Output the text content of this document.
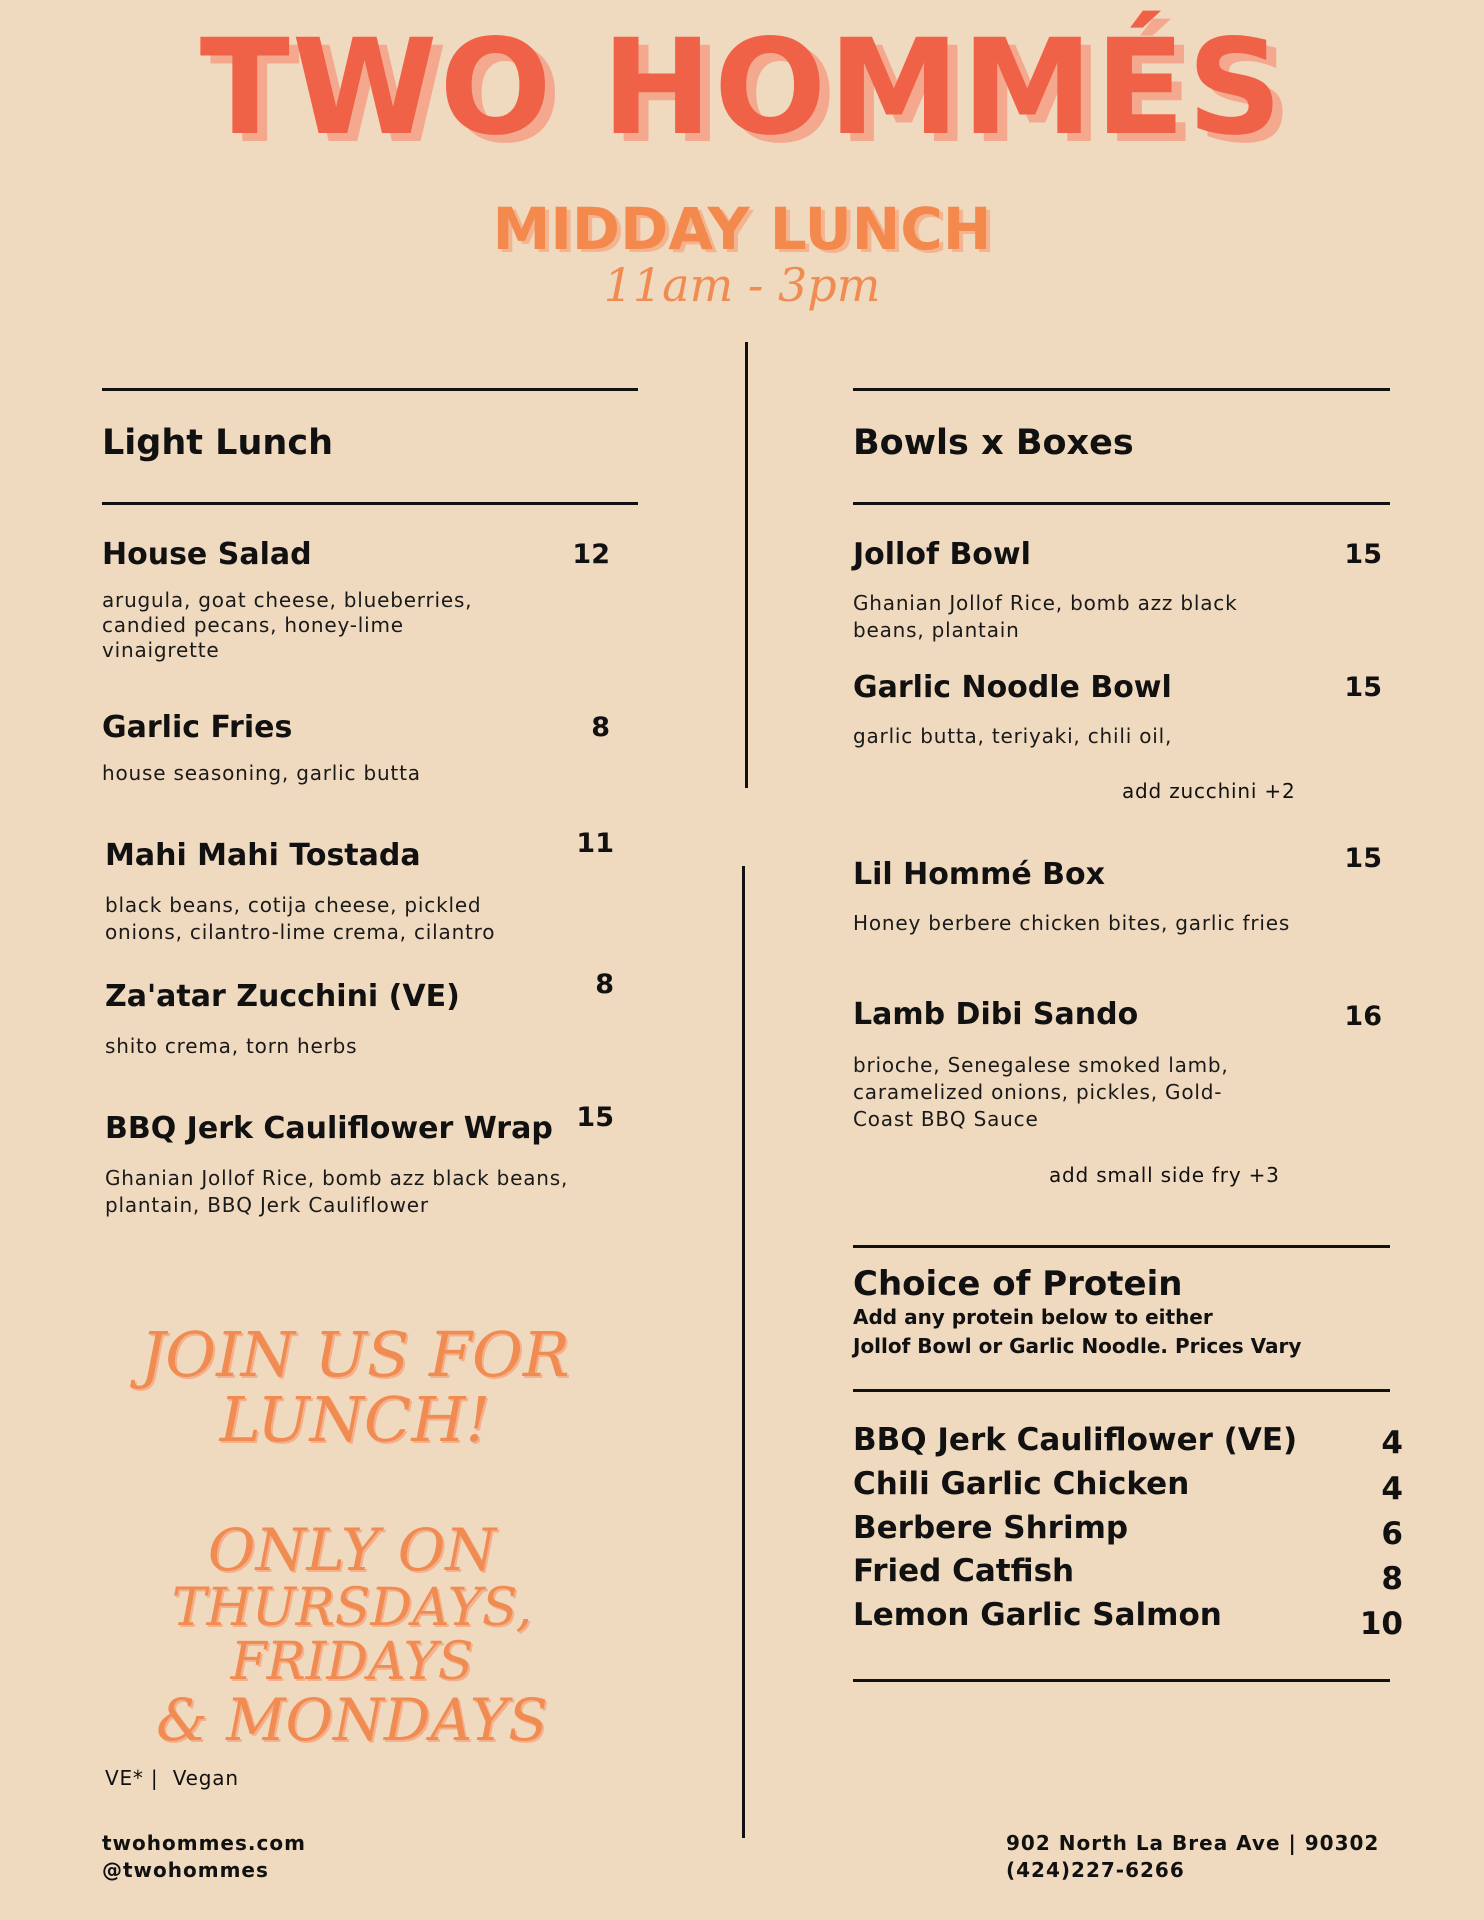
TWO HOMMÉS
MIDDAY LUNCH
11am - 3pm
Light Lunch
House Salad	12
arugula, goat cheese, blueberries, candied pecans, honey-lime vinaigrette
Garlic Fries	8
house seasoning, garlic butta
Mahi Mahi Tostada	11
black beans, cotija cheese, pickled onions, cilantro-lime crema, cilantro
Za'atar Zucchini (VE)	8
shito crema, torn herbs
BBQ Jerk Cauliflower Wrap 15
Ghanian Jollof Rice, bomb azz black beans, plantain, BBQ Jerk Cauliflower
JOIN US FOR
LUNCH!
ONLY ON
THURSDAYS, FRIDAYS
& MONDAYS
VE* |  Vegan
Bowls x Boxes
Jollof Bowl	15
Ghanian Jollof Rice, bomb azz black beans, plantain
Garlic Noodle Bowl	15
garlic butta, teriyaki, chili oil,
add zucchini +2
Lil Hommé Box	15
Honey berbere chicken bites, garlic fries
Lamb Dibi Sando	16
brioche, Senegalese smoked lamb, caramelized onions, pickles, Gold-Coast BBQ Sauce
add small side fry +3
Choice of Protein
Add any protein below to either
Jollof Bowl or Garlic Noodle. Prices Vary
BBQ Jerk Cauliflower (VE)	4
Chili Garlic Chicken	4
Berbere Shrimp	6
Fried Catfish	8
Lemon Garlic Salmon	10
twohommes.com
@twohommes
902 North La Brea Ave | 90302
(424)227-6266
